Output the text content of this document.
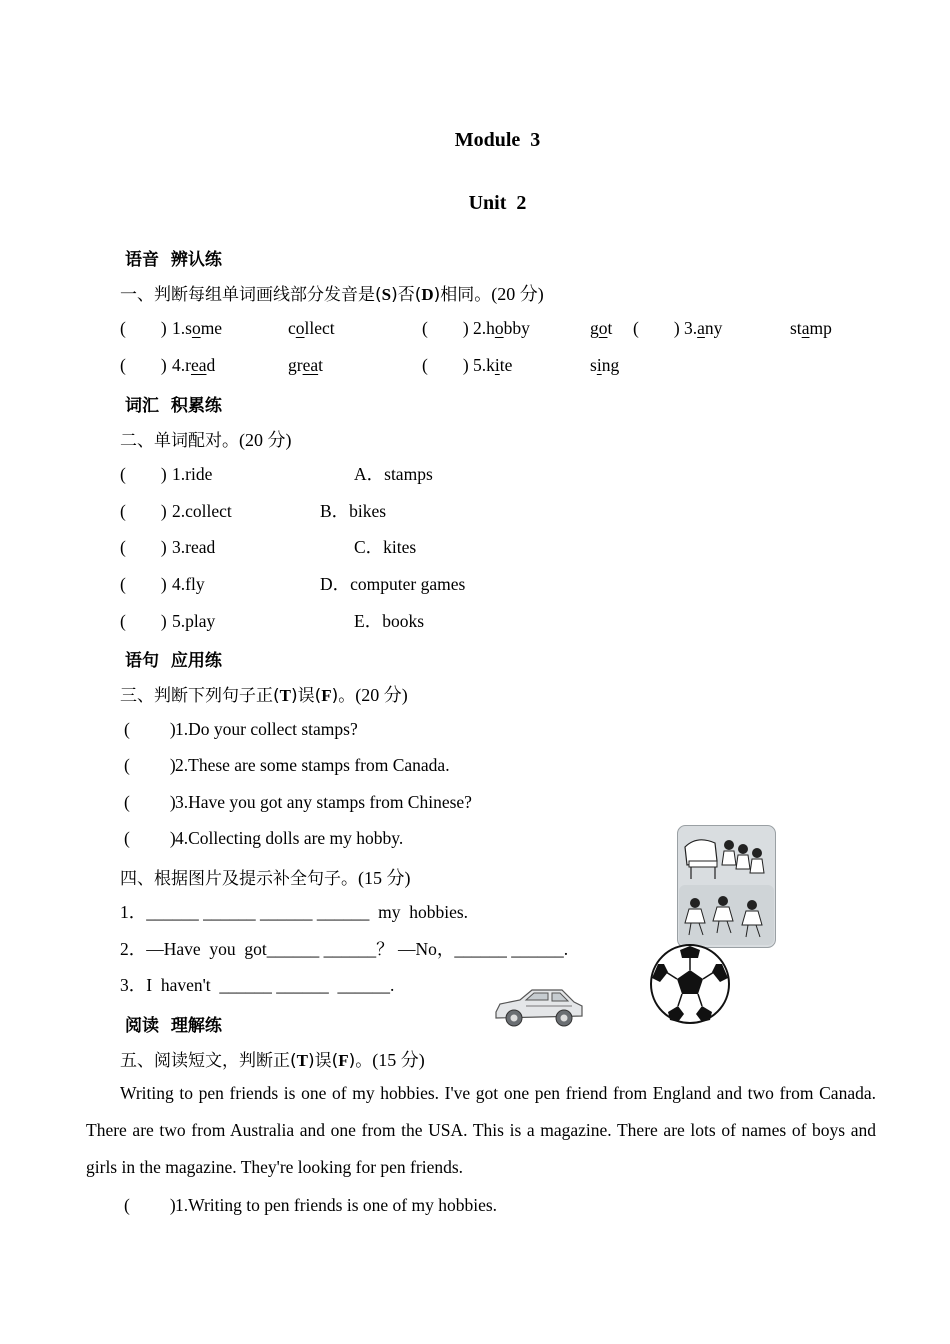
Module  3
Unit  2
语音  辨认练
一、判断每组单词画线部分发音是(S)否(D)相同。(20 分)
( ) 1.some	collect	( ) 2.hobby	got ( ) 3.any	stamp
( ) 4.read	great	( ) 5.kite	sing
词汇  积累练
二、单词配对。(20 分)
( ) 1.ride	A．stamps
( ) 2.collect	B．bikes
( ) 3.read	C．kites
( ) 4.fly	D．computer games
( ) 5.play	E．books
语句  应用练
三、判断下列句子正(T)误(F)。(20 分)
( ) 1.Do your collect stamps?
( ) 2.These are some stamps from Canada.
( ) 3.Have you got any stamps from Chinese?
( ) 4.Collecting dolls are my hobby.
四、根据图片及提示补全句子。(15 分)
1．______ ______ ______ ______  my  hobbies.
2．—Have  you  got______ ______？ —No，______ ______.
3．I  haven't  ______ ______  ______.
阅读  理解练
五、阅读短文，判断正(T)误(F)。(15 分)
Writing to pen friends is one of my hobbies. I've got one pen friend from England and two from Canada. There are two from Australia and one from the USA. This is a magazine. There are lots of names of boys and girls in the magazine. They're looking for pen friends.
( ) 1.Writing to pen friends is one of my hobbies.
